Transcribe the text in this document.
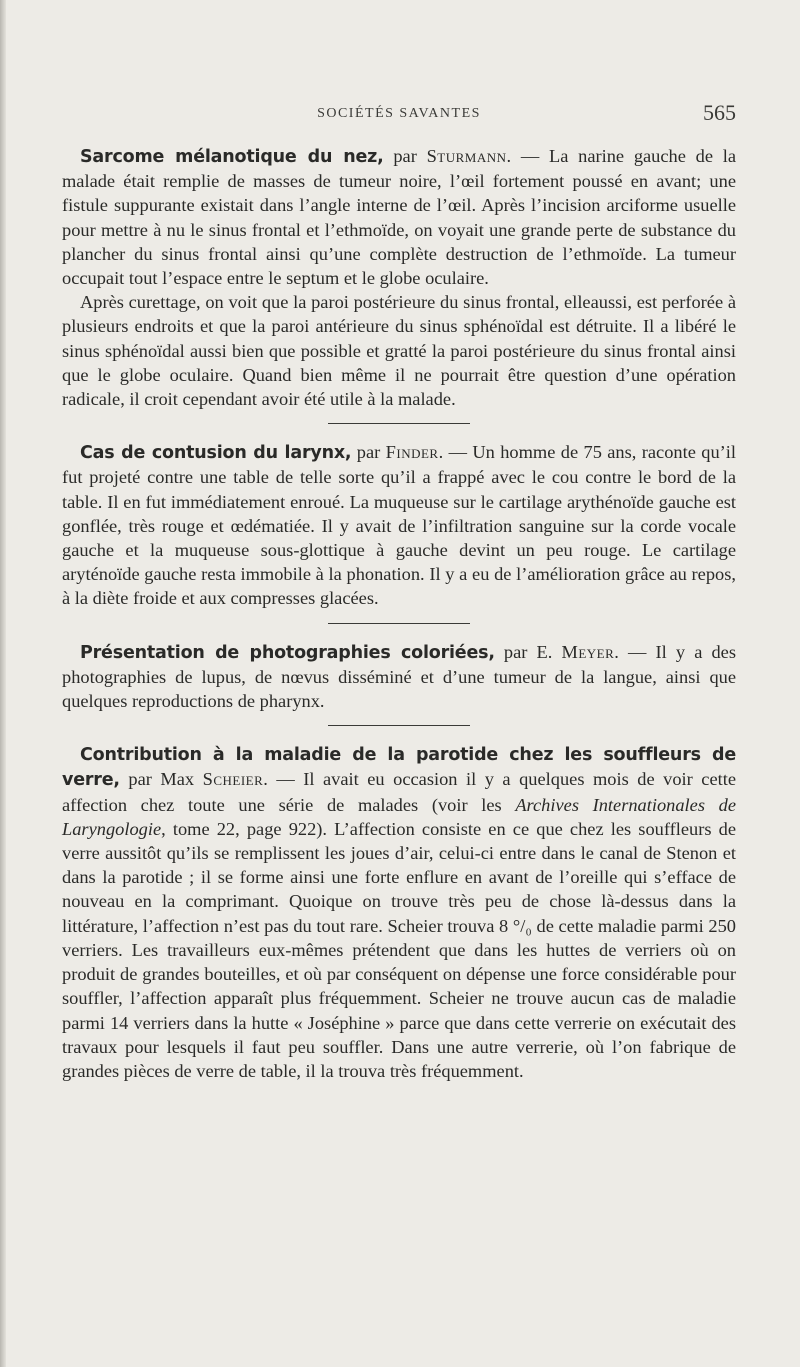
SOCIÉTÉS SAVANTES	565

Sarcome mélanotique du nez, par Sturmann. — La narine gauche de la malade était remplie de masses de tumeur noire, l’œil fortement poussé en avant; une fistule suppurante existait dans l’angle interne de l’œil. Après l’incision arciforme usuelle pour mettre à nu le sinus frontal et l’ethmoïde, on voyait une grande perte de substance du plancher du sinus frontal ainsi qu’une complète destruction de l’ethmoïde. La tumeur occupait tout l’espace entre le septum et le globe oculaire.

Après curettage, on voit que la paroi postérieure du sinus frontal, elleaussi, est perforée à plusieurs endroits et que la paroi antérieure du sinus sphénoïdal est détruite. Il a libéré le sinus sphénoïdal aussi bien que possible et gratté la paroi postérieure du sinus frontal ainsi que le globe oculaire. Quand bien même il ne pourrait être question d’une opération radicale, il croit cependant avoir été utile à la malade.

Cas de contusion du larynx, par Finder. — Un homme de 75 ans, raconte qu’il fut projeté contre une table de telle sorte qu’il a frappé avec le cou contre le bord de la table. Il en fut immédiatement enroué. La muqueuse sur le cartilage arythénoïde gauche est gonflée, très rouge et œdématiée. Il y avait de l’infiltration sanguine sur la corde vocale gauche et la muqueuse sous-glottique à gauche devint un peu rouge. Le cartilage aryténoïde gauche resta immobile à la phonation. Il y a eu de l’amélioration grâce au repos, à la diète froide et aux compresses glacées.

Présentation de photographies coloriées, par E. Meyer. — Il y a des photographies de lupus, de nœvus disséminé et d’une tumeur de la langue, ainsi que quelques reproductions de pharynx.

Contribution à la maladie de la parotide chez les souffleurs de verre, par Max Scheier. — Il avait eu occasion il y a quelques mois de voir cette affection chez toute une série de malades (voir les Archives Internationales de Laryngologie, tome 22, page 922). L’affection consiste en ce que chez les souffleurs de verre aussitôt qu’ils se remplissent les joues d’air, celui-ci entre dans le canal de Stenon et dans la parotide ; il se forme ainsi une forte enflure en avant de l’oreille qui s’efface de nouveau en la comprimant. Quoique on trouve très peu de chose là-dessus dans la littérature, l’affection n’est pas du tout rare. Scheier trouva 8 °/₀ de cette maladie parmi 250 verriers. Les travailleurs eux-mêmes prétendent que dans les huttes de verriers où on produit de grandes bouteilles, et où par conséquent on dépense une force considérable pour souffler, l’affection apparaît plus fréquemment. Scheier ne trouve aucun cas de maladie parmi 14 verriers dans la hutte « Joséphine » parce que dans cette verrerie on exécutait des travaux pour lesquels il faut peu souffler. Dans une autre verrerie, où l’on fabrique de grandes pièces de verre de table, il la trouva très fréquemment.
